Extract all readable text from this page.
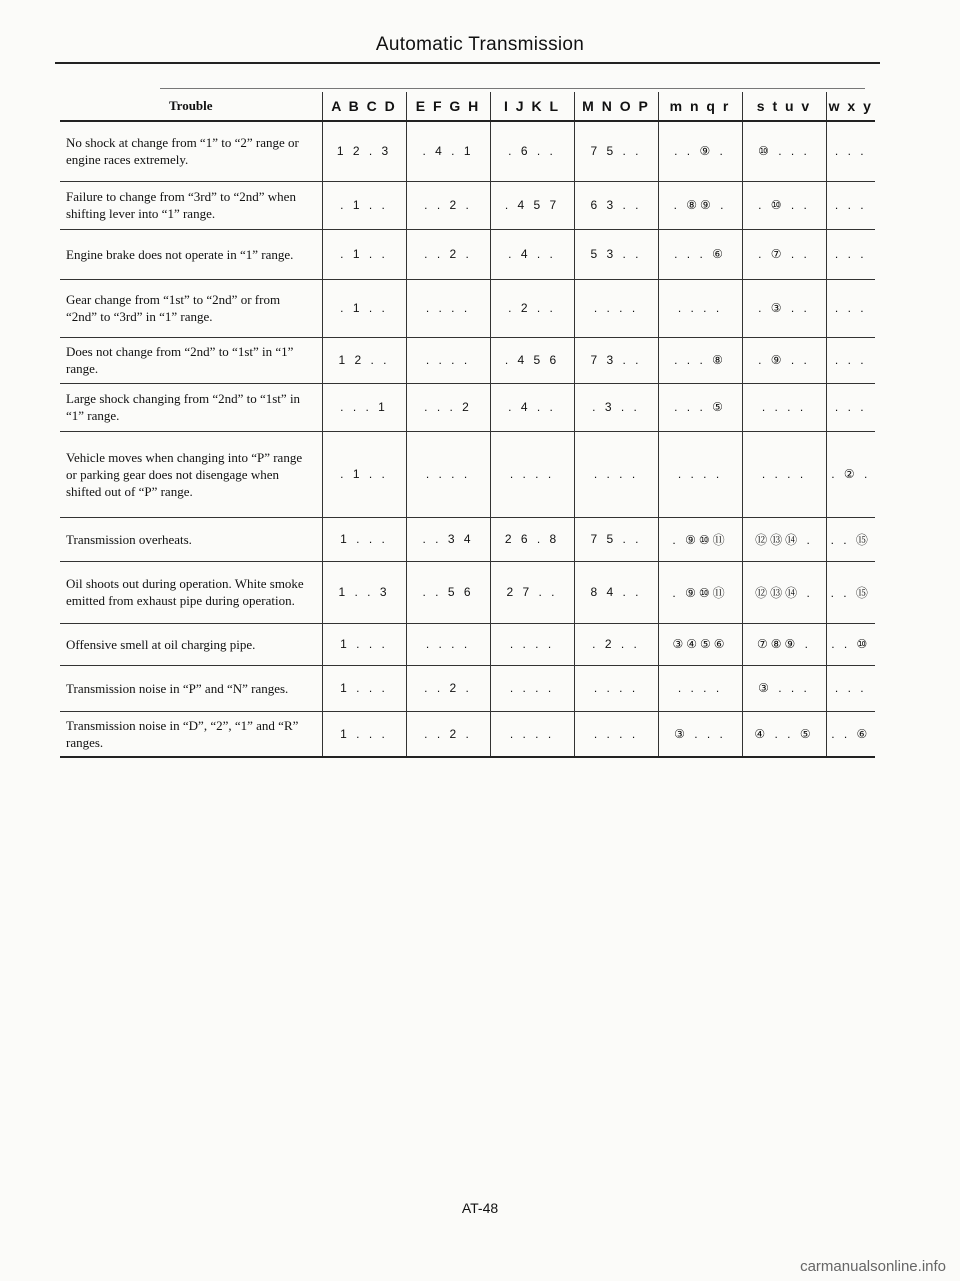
Automatic Transmission
Trouble	A B C D	E F G H	I J K L	M N O P	m n q r	s t u v	w x y
No shock at change from “1” to “2” range or engine races extremely.	1 2 . 3	. 4 . 1	. 6 . .	7 5 . .	. . ⑨ .	⑩ . . .	. . .
Failure to change from “3rd” to “2nd” when shifting lever into “1” range.	. 1 . .	. . 2 .	. 4 5 7	6 3 . .	. ⑧⑨ .	. ⑩ . .	. . .
Engine brake does not operate in “1” range.	. 1 . .	. . 2 .	. 4 . .	5 3 . .	. . . ⑥	. ⑦ . .	. . .
Gear change from “1st” to “2nd” or from “2nd” to “3rd” in “1” range.	. 1 . .	. . . .	. 2 . .	. . . .	. . . .	. ③ . .	. . .
Does not change from “2nd” to “1st” in “1” range.	1 2 . .	. . . .	. 4 5 6	7 3 . .	. . . ⑧	. ⑨ . .	. . .
Large shock changing from “2nd” to “1st” in “1” range.	. . . 1	. . . 2	. 4 . .	. 3 . .	. . . ⑤	. . . .	. . .
Vehicle moves when changing into “P” range or parking gear does not disengage when shifted out of “P” range.	. 1 . .	. . . .	. . . .	. . . .	. . . .	. . . .	. ② .
Transmission overheats.	1 . . .	. . 3 4	2 6 . 8	7 5 . .	. ⑨⑩⑪	⑫⑬⑭ .	. . ⑮
Oil shoots out during operation. White smoke emitted from exhaust pipe during operation.	1 . . 3	. . 5 6	2 7 . .	8 4 . .	. ⑨⑩⑪	⑫⑬⑭ .	. . ⑮
Offensive smell at oil charging pipe.	1 . . .	. . . .	. . . .	. 2 . .	③④⑤⑥	⑦⑧⑨ .	. . ⑩
Transmission noise in “P” and “N” ranges.	1 . . .	. . 2 .	. . . .	. . . .	. . . .	③ . . .	. . .
Transmission noise in “D”, “2”, “1” and “R” ranges.	1 . . .	. . 2 .	. . . .	. . . .	③ . . .	④ . . ⑤	. . ⑥
AT-48
carmanualsonline.info
